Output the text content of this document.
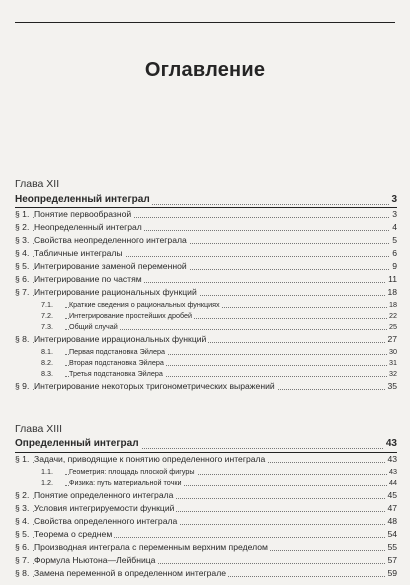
Оглавление
Глава XII
Неопределенный интеграл	3
§ 1. Понятие первообразной	3
§ 2. Неопределенный интеграл	4
§ 3. Свойства неопределенного интеграла	5
§ 4. Табличные интегралы	6
§ 5. Интегрирование заменой переменной	9
§ 6. Интегрирование по частям	11
§ 7. Интегрирование рациональных функций	18
7.1. Краткие сведения о рациональных функциях	18
7.2. Интегрирование простейших дробей	22
7.3. Общий случай	25
§ 8. Интегрирование иррациональных функций	27
8.1. Первая подстановка Эйлера	30
8.2. Вторая подстановка Эйлера	31
8.3. Третья подстановка Эйлера	32
§ 9. Интегрирование некоторых тригонометрических выражений	35
Глава XIII
Определенный интеграл	43
§ 1. Задачи, приводящие к понятию определенного интеграла	43
1.1. Геометрия: площадь плоской фигуры	43
1.2. Физика: путь материальной точки	44
§ 2. Понятие определенного интеграла	45
§ 3. Условия интегрируемости функций	47
§ 4. Свойства определенного интеграла	48
§ 5. Теорема о среднем	54
§ 6. Производная интеграла с переменным верхним пределом	55
§ 7. Формула Ньютона—Лейбница	57
§ 8. Замена переменной в определенном интеграле	59
